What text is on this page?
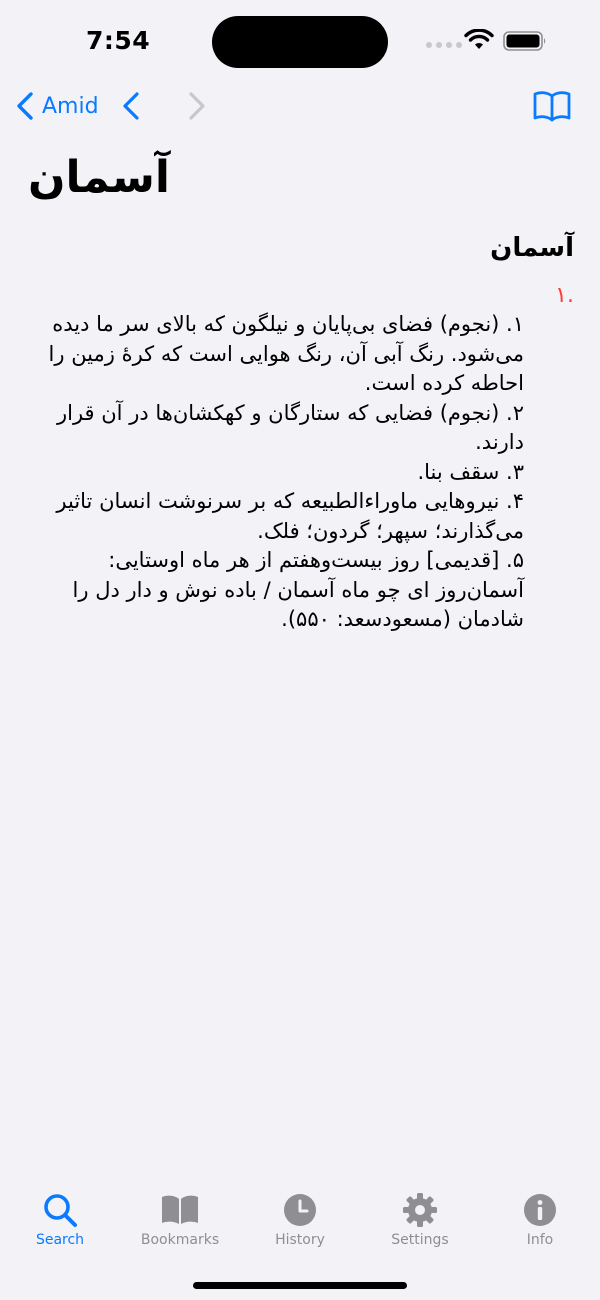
7:54
Amid
آسمان
آسمان
.۱
۱. (نجوم) فضای بی‌پایان و نیلگون که بالای سر ما دیده می‌شود. رنگ آبی آن، رنگ هوایی است که کرهٔ زمین را احاطه کرده است.
۲. (نجوم) فضایی که ستارگان و کهکشان‌ها در آن قرار دارند.
۳. سقف بنا.
۴. نیروهایی ماوراءالطبیعه که بر سرنوشت انسان تاثیر می‌گذارند؛ سپهر؛ گردون؛ فلک.
۵. [قدیمی] روز بیست‌وهفتم از هر ماه اوستایی:
آسمان‌روز ای چو ماه آسمان / باده نوش و دار دل را شادمان (مسعودسعد: ۵۵۰).
Search	Bookmarks	History	Settings	Info
